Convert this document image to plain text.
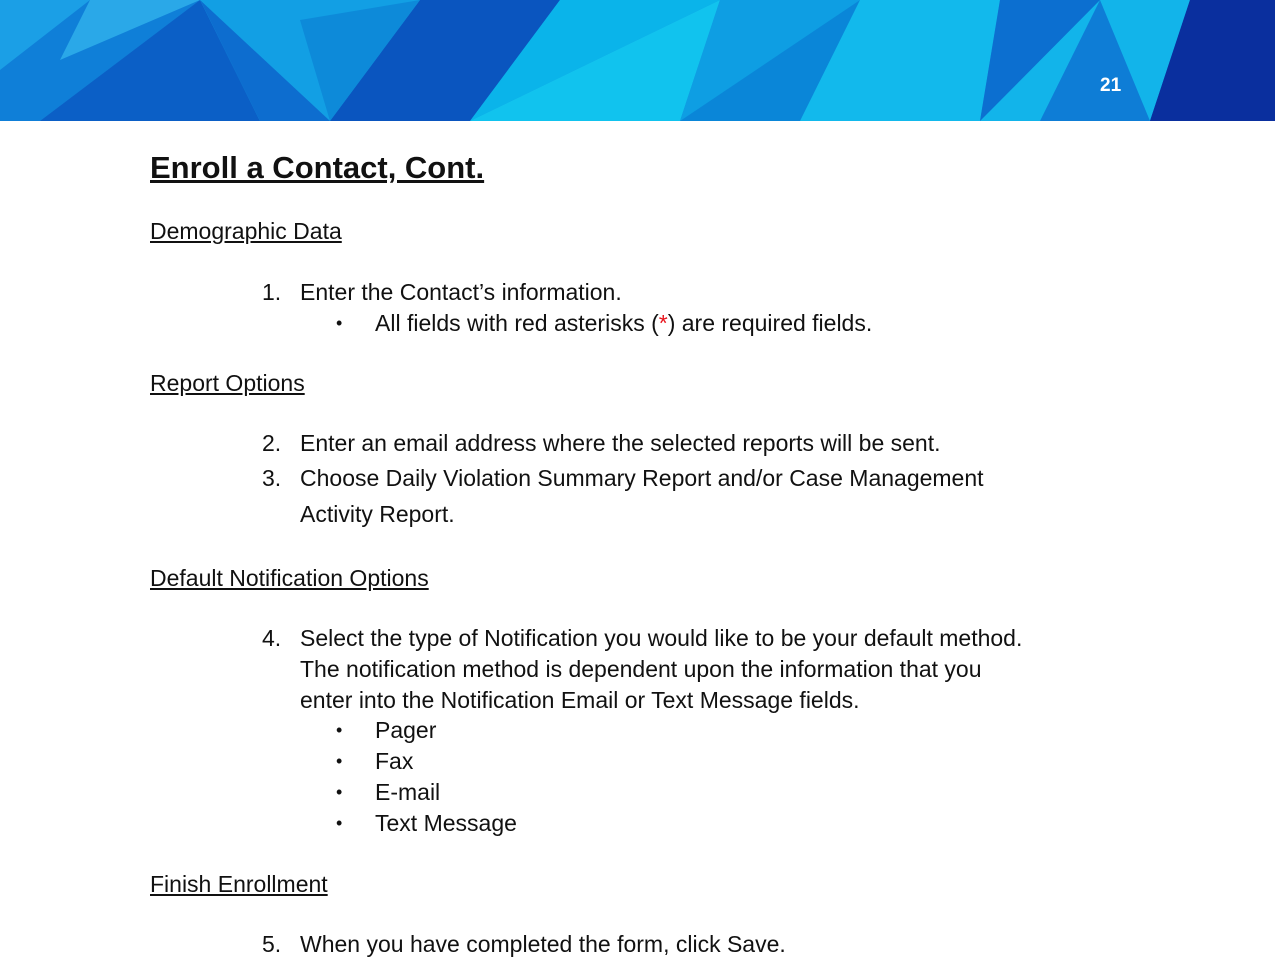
21
Enroll a Contact, Cont.
Demographic Data
1. Enter the Contact’s information.
• All fields with red asterisks (*) are required fields.
Report Options
2. Enter an email address where the selected reports will be sent.
3. Choose Daily Violation Summary Report and/or Case Management
Activity Report.
Default Notification Options
4. Select the type of Notification you would like to be your default method.
The notification method is dependent upon the information that you
enter into the Notification Email or Text Message fields.
• Pager
• Fax
• E-mail
• Text Message
Finish Enrollment
5. When you have completed the form, click Save.
